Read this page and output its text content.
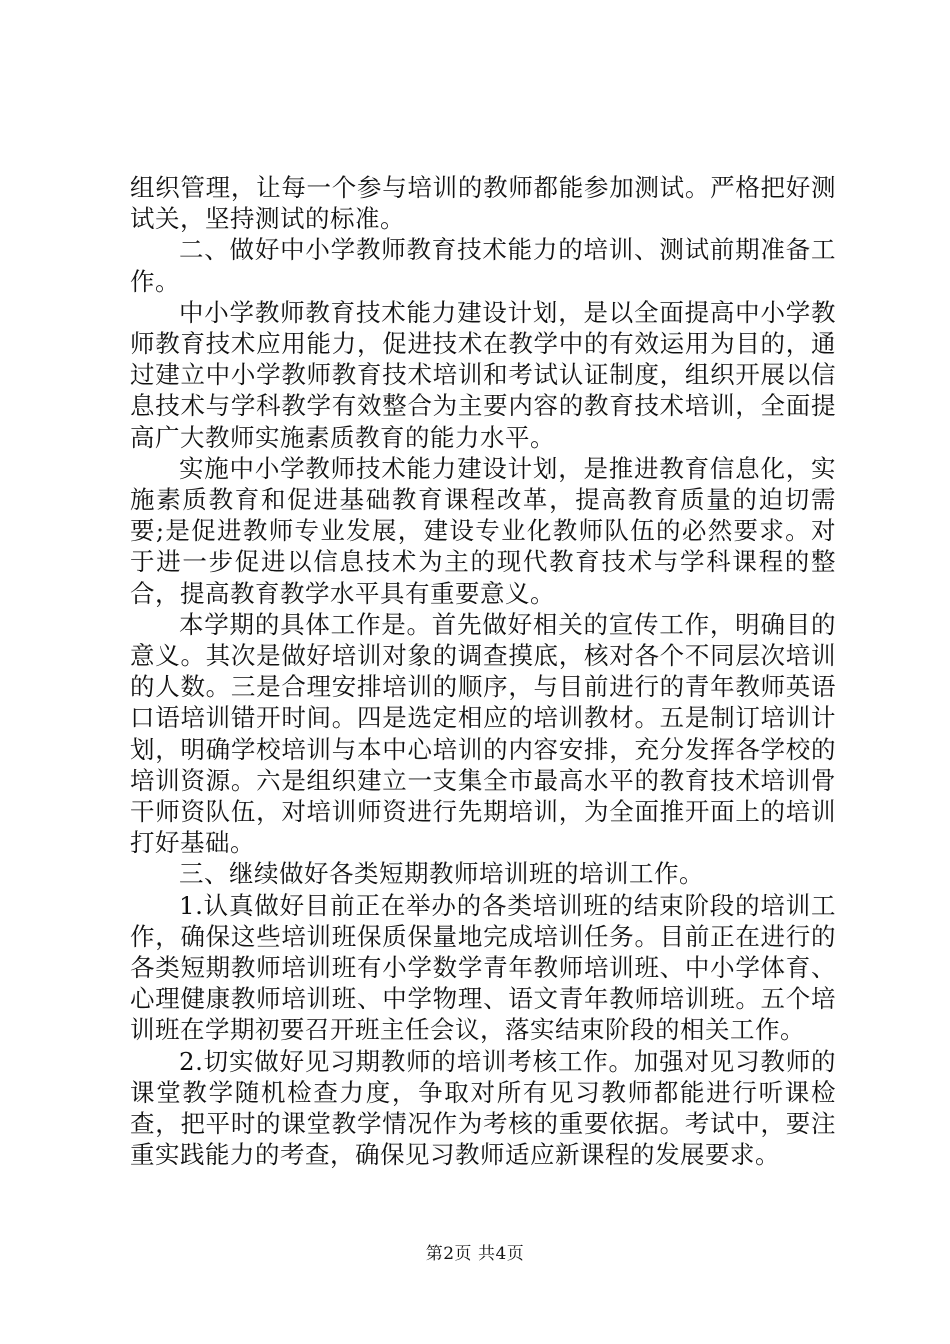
组织管理，让每一个参与培训的教师都能参加测试。严格把好测试关，坚持测试的标准。

二、做好中小学教师教育技术能力的培训、测试前期准备工作。

中小学教师教育技术能力建设计划，是以全面提高中小学教师教育技术应用能力，促进技术在教学中的有效运用为目的，通过建立中小学教师教育技术培训和考试认证制度，组织开展以信息技术与学科教学有效整合为主要内容的教育技术培训，全面提高广大教师实施素质教育的能力水平。

实施中小学教师技术能力建设计划，是推进教育信息化，实施素质教育和促进基础教育课程改革，提高教育质量的迫切需要;是促进教师专业发展，建设专业化教师队伍的必然要求。对于进一步促进以信息技术为主的现代教育技术与学科课程的整合，提高教育教学水平具有重要意义。

本学期的具体工作是。首先做好相关的宣传工作，明确目的意义。其次是做好培训对象的调查摸底，核对各个不同层次培训的人数。三是合理安排培训的顺序，与目前进行的青年教师英语口语培训错开时间。四是选定相应的培训教材。五是制订培训计划，明确学校培训与本中心培训的内容安排，充分发挥各学校的培训资源。六是组织建立一支集全市最高水平的教育技术培训骨干师资队伍，对培训师资进行先期培训，为全面推开面上的培训打好基础。

三、继续做好各类短期教师培训班的培训工作。

1.认真做好目前正在举办的各类培训班的结束阶段的培训工作，确保这些培训班保质保量地完成培训任务。目前正在进行的各类短期教师培训班有小学数学青年教师培训班、中小学体育、心理健康教师培训班、中学物理、语文青年教师培训班。五个培训班在学期初要召开班主任会议，落实结束阶段的相关工作。

2.切实做好见习期教师的培训考核工作。加强对见习教师的课堂教学随机检查力度，争取对所有见习教师都能进行听课检查，把平时的课堂教学情况作为考核的重要依据。考试中，要注重实践能力的考查，确保见习教师适应新课程的发展要求。

第2页 共4页
